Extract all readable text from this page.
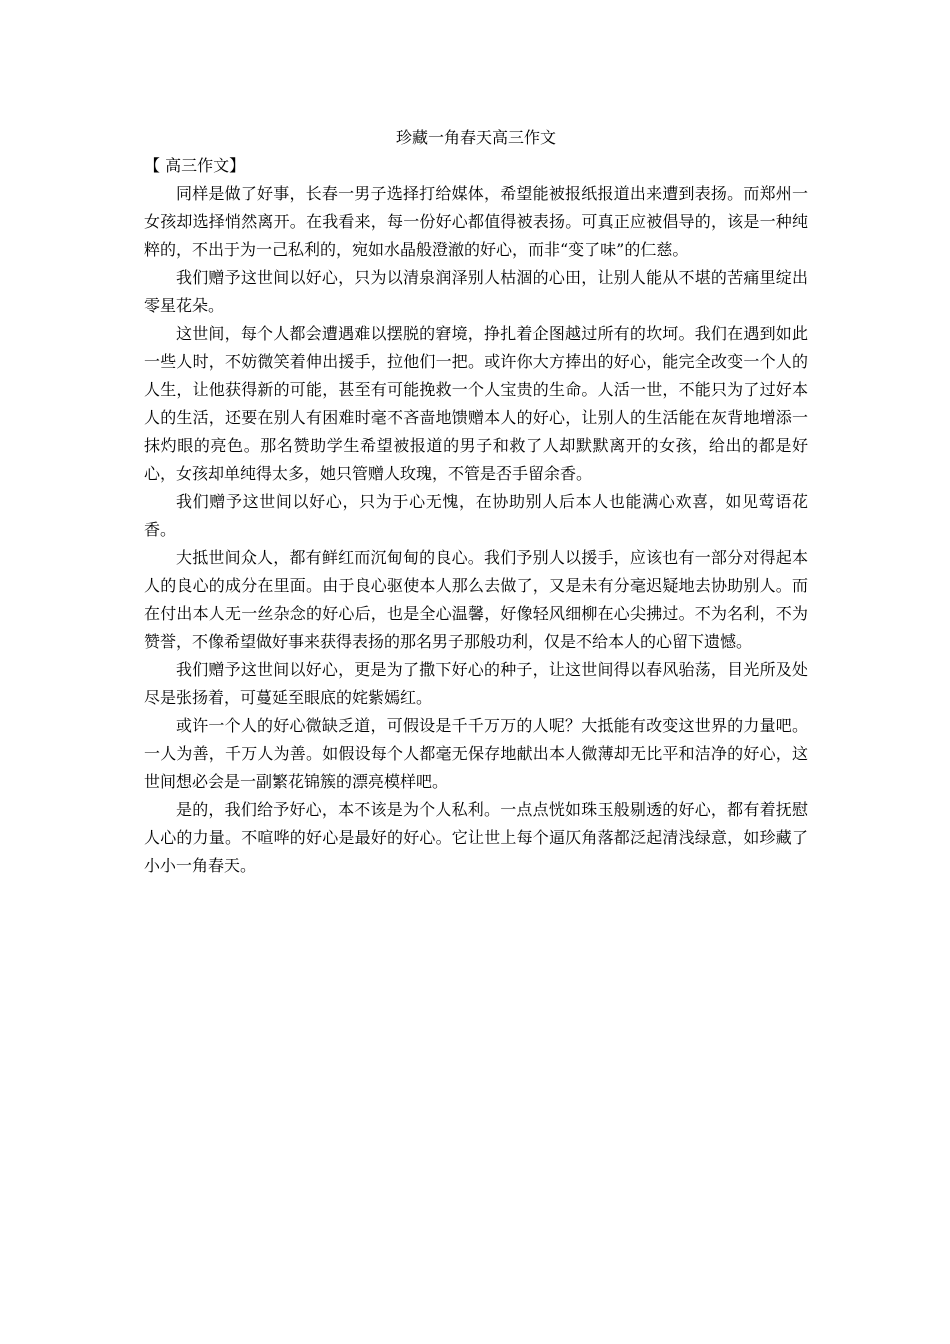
珍藏一角春天高三作文

【 高三作文】

同样是做了好事，长春一男子选择打给媒体，希望能被报纸报道出来遭到表扬。而郑州一女孩却选择悄然离开。在我看来，每一份好心都值得被表扬。可真正应被倡导的，该是一种纯粹的，不出于为一己私利的，宛如水晶般澄澈的好心，而非“变了味”的仁慈。

我们赠予这世间以好心，只为以清泉润泽别人枯涸的心田，让别人能从不堪的苦痛里绽出零星花朵。

这世间，每个人都会遭遇难以摆脱的窘境，挣扎着企图越过所有的坎坷。我们在遇到如此一些人时，不妨微笑着伸出援手，拉他们一把。或许你大方捧出的好心，能完全改变一个人的人生，让他获得新的可能，甚至有可能挽救一个人宝贵的生命。人活一世，不能只为了过好本人的生活，还要在别人有困难时毫不吝啬地馈赠本人的好心，让别人的生活能在灰背地增添一抹灼眼的亮色。那名赞助学生希望被报道的男子和救了人却默默离开的女孩，给出的都是好心，女孩却单纯得太多，她只管赠人玫瑰，不管是否手留余香。

我们赠予这世间以好心，只为于心无愧，在协助别人后本人也能满心欢喜，如见莺语花香。

大抵世间众人，都有鲜红而沉甸甸的良心。我们予别人以援手，应该也有一部分对得起本人的良心的成分在里面。由于良心驱使本人那么去做了，又是未有分毫迟疑地去协助别人。而在付出本人无一丝杂念的好心后，也是全心温馨，好像轻风细柳在心尖拂过。不为名利，不为赞誉，不像希望做好事来获得表扬的那名男子那般功利，仅是不给本人的心留下遗憾。

我们赠予这世间以好心，更是为了撒下好心的种子，让这世间得以春风骀荡，目光所及处尽是张扬着，可蔓延至眼底的姹紫嫣红。

或许一个人的好心微缺乏道，可假设是千千万万的人呢？大抵能有改变这世界的力量吧。一人为善，千万人为善。如假设每个人都毫无保存地献出本人微薄却无比平和洁净的好心，这世间想必会是一副繁花锦簇的漂亮模样吧。

是的，我们给予好心，本不该是为个人私利。一点点恍如珠玉般剔透的好心，都有着抚慰人心的力量。不喧哗的好心是最好的好心。它让世上每个逼仄角落都泛起清浅绿意，如珍藏了小小一角春天。
